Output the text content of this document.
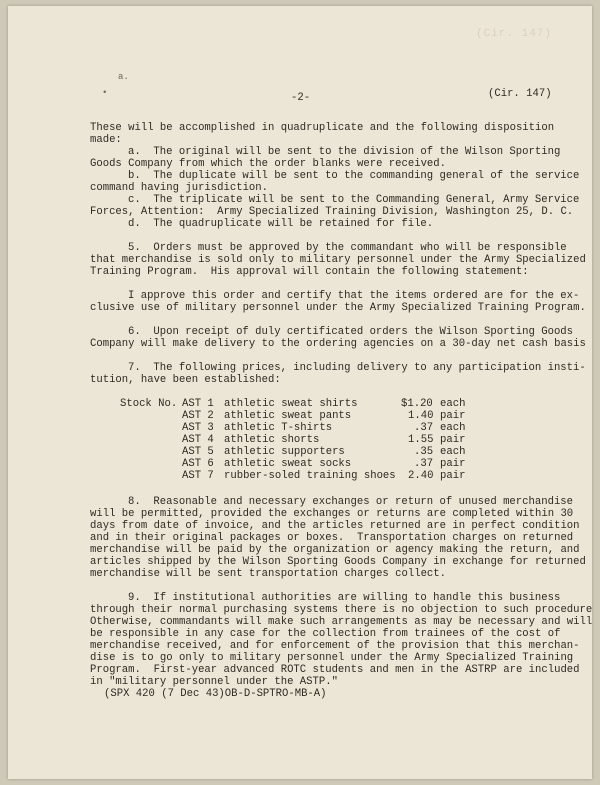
(Cir. 147)
a.
•	-2-	(Cir. 147)
These will be accomplished in quadruplicate and the following disposition
made:
a.  The original will be sent to the division of the Wilson Sporting
Goods Company from which the order blanks were received.
b.  The duplicate will be sent to the commanding general of the service
command having jurisdiction.
c.  The triplicate will be sent to the Commanding General, Army Service
Forces, Attention:  Army Specialized Training Division, Washington 25, D. C.
d.  The quadruplicate will be retained for file.
5.  Orders must be approved by the commandant who will be responsible
that merchandise is sold only to military personnel under the Army Specialized
Training Program.  His approval will contain the following statement:
I approve this order and certify that the items ordered are for the ex-
clusive use of military personnel under the Army Specialized Training Program.
6.  Upon receipt of duly certificated orders the Wilson Sporting Goods
Company will make delivery to the ordering agencies on a 30-day net cash basis
7.  The following prices, including delivery to any participation insti-
tution, have been established:
Stock No. AST 1 athletic sweat shirts	$1.20 each
AST 2 athletic sweat pants	1.40 pair
AST 3 athletic T-shirts	.37 each
AST 4 athletic shorts	1.55 pair
AST 5 athletic supporters	.35 each
AST 6 athletic sweat socks	.37 pair
AST 7 rubber-soled training shoes 2.40 pair
8.  Reasonable and necessary exchanges or return of unused merchandise
will be permitted, provided the exchanges or returns are completed within 30
days from date of invoice, and the articles returned are in perfect condition
and in their original packages or boxes.  Transportation charges on returned
merchandise will be paid by the organization or agency making the return, and
articles shipped by the Wilson Sporting Goods Company in exchange for returned
merchandise will be sent transportation charges collect.
9.  If institutional authorities are willing to handle this business
through their normal purchasing systems there is no objection to such procedure
Otherwise, commandants will make such arrangements as may be necessary and will
be responsible in any case for the collection from trainees of the cost of
merchandise received, and for enforcement of the provision that this merchan-
dise is to go only to military personnel under the Army Specialized Training
Program.  First-year advanced ROTC students and men in the ASTRP are included
in "military personnel under the ASTP."
(SPX 420 (7 Dec 43)OB-D-SPTRO-MB-A)
